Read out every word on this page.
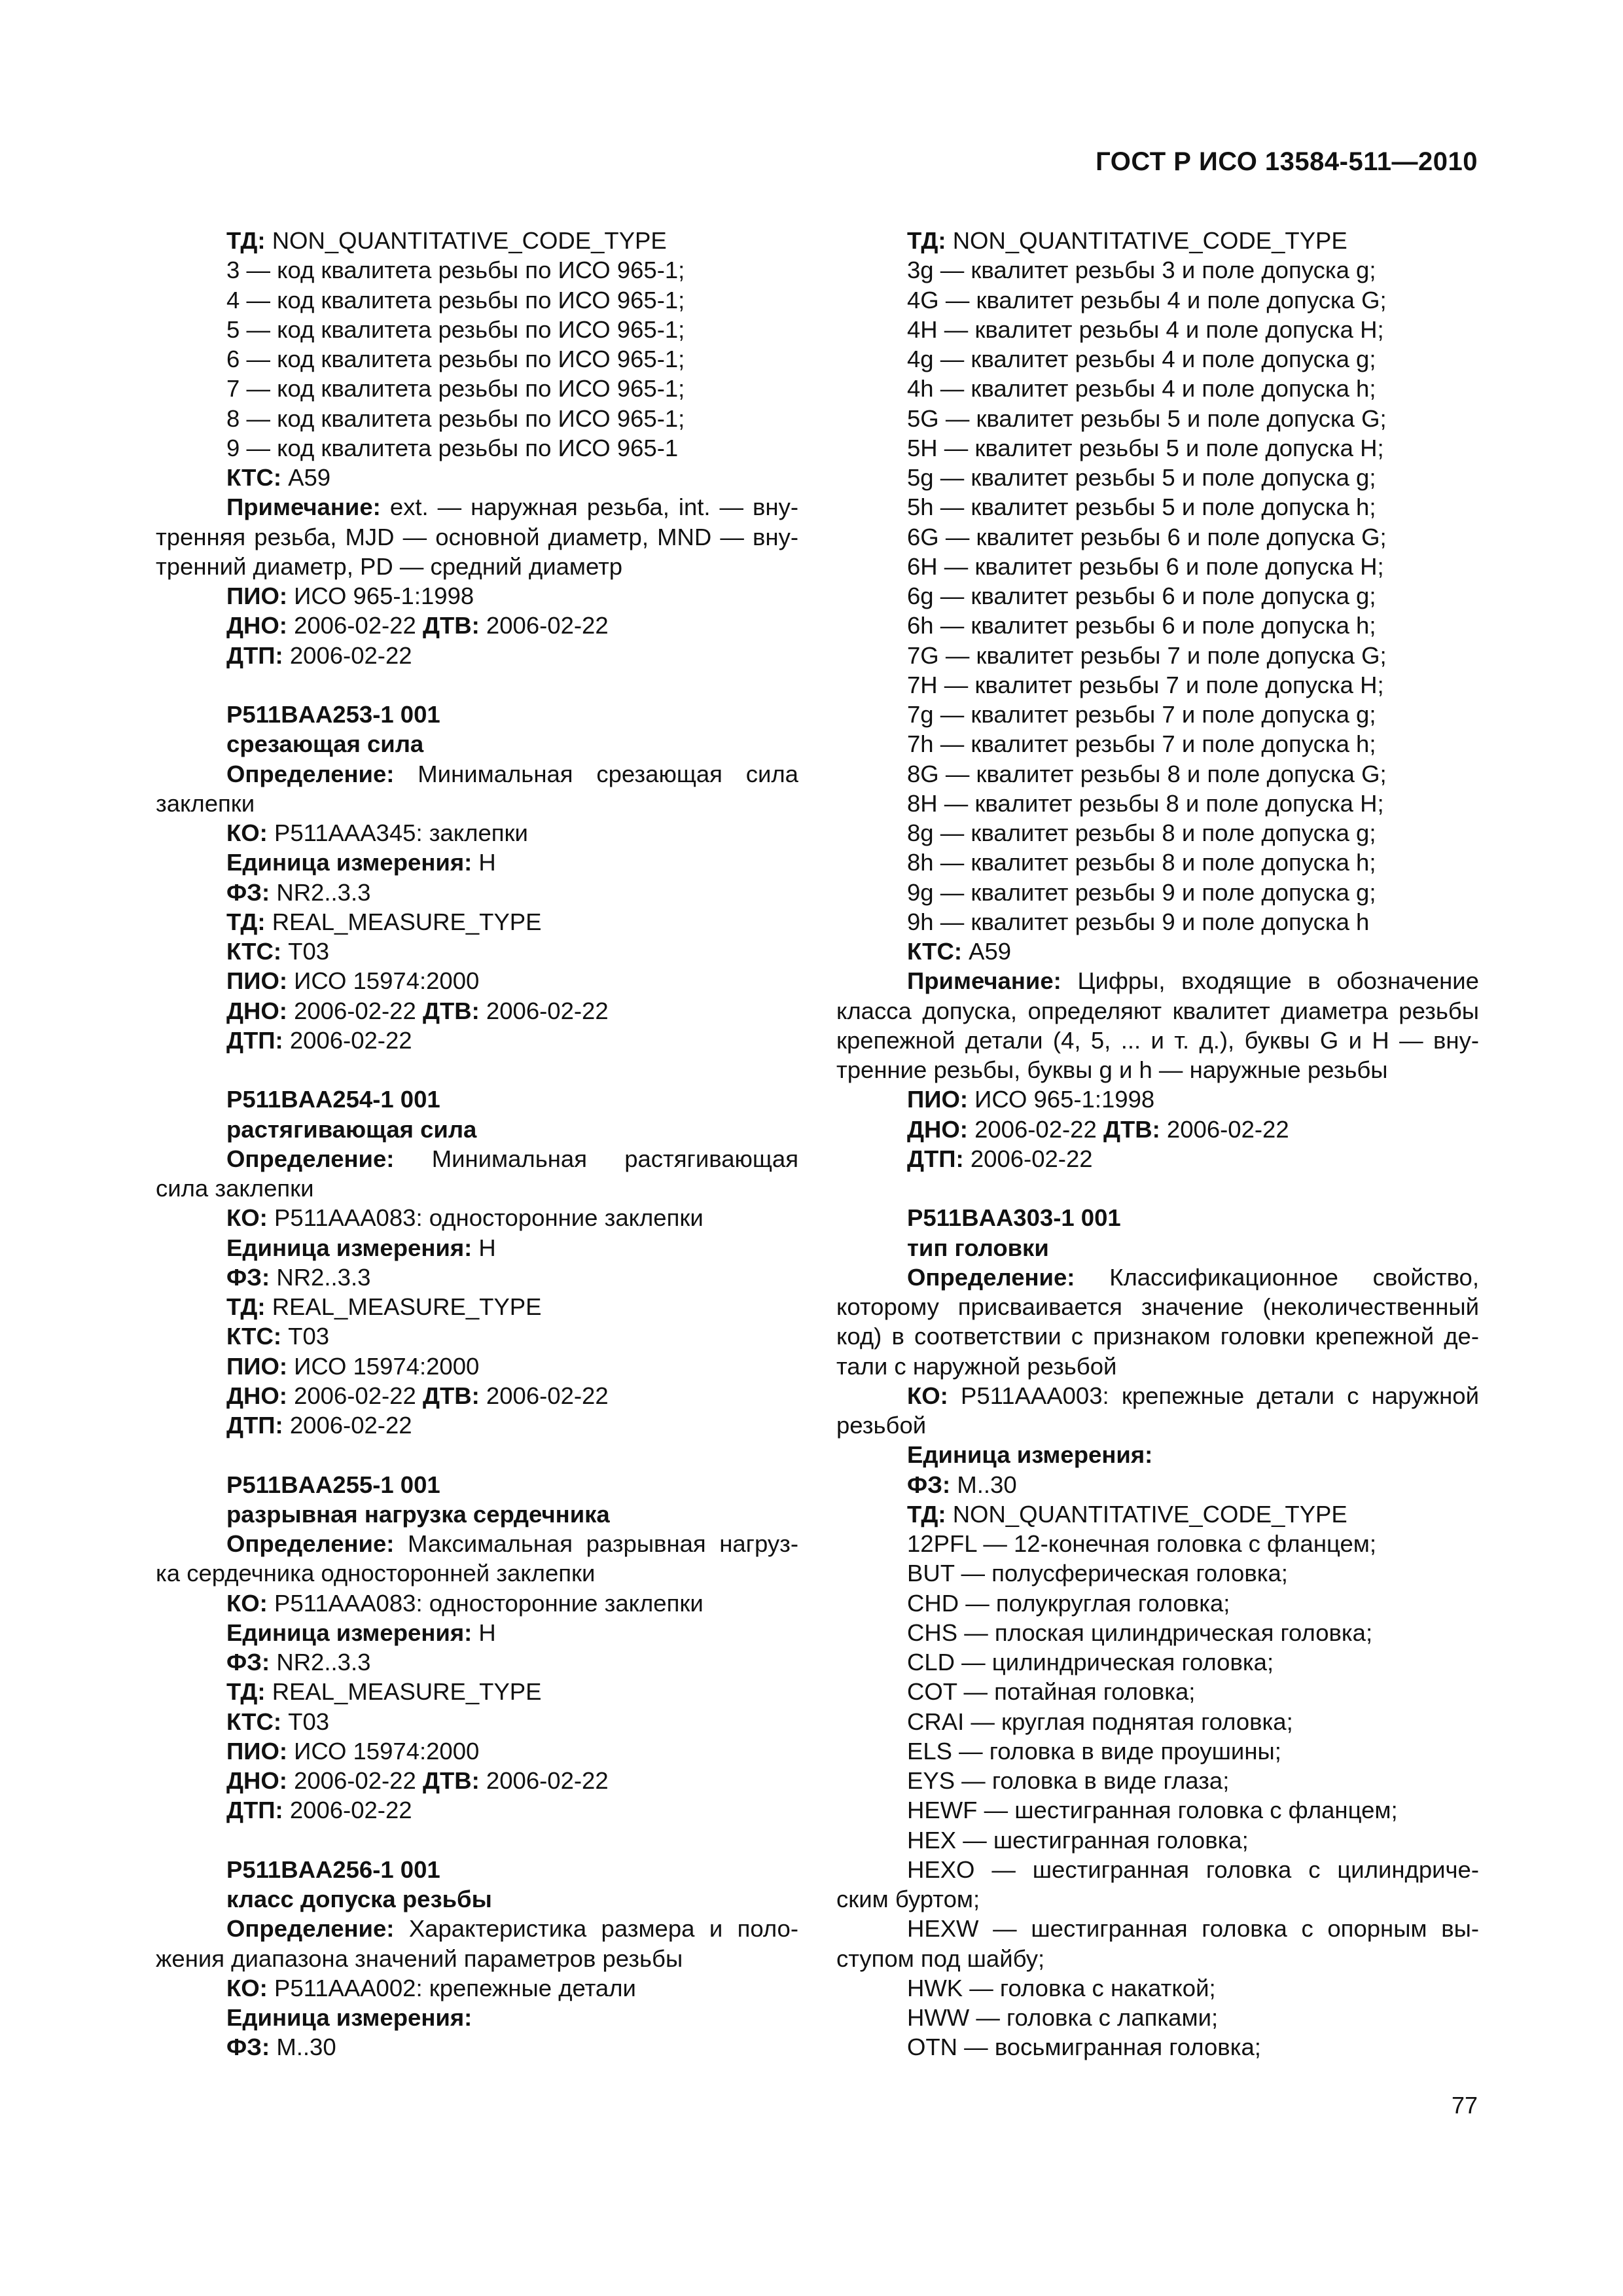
ГОСТ Р ИСО 13584-511—2010
ТД: NON_QUANTITATIVE_CODE_TYPE
3 — код квалитета резьбы по ИСО 965-1;
4 — код квалитета резьбы по ИСО 965-1;
5 — код квалитета резьбы по ИСО 965-1;
6 — код квалитета резьбы по ИСО 965-1;
7 — код квалитета резьбы по ИСО 965-1;
8 — код квалитета резьбы по ИСО 965-1;
9 — код квалитета резьбы по ИСО 965-1
КТС: A59
Примечание: ext. — наружная резьба, int. — вну-
тренняя резьба, MJD — основной диаметр, MND — вну-
тренний диаметр, PD — средний диаметр
ПИО: ИСО 965-1:1998
ДНО: 2006-02-22 ДТВ: 2006-02-22
ДТП: 2006-02-22
P511BAA253-1 001
срезающая сила
Определение: Минимальная срезающая сила
заклепки
КО: P511AAA345: заклепки
Единица измерения: Н
ФЗ: NR2..3.3
ТД: REAL_MEASURE_TYPE
КТС: T03
ПИО: ИСО 15974:2000
ДНО: 2006-02-22 ДТВ: 2006-02-22
ДТП: 2006-02-22
P511BAA254-1 001
растягивающая сила
Определение: Минимальная растягивающая
сила заклепки
КО: P511AAA083: односторонние заклепки
Единица измерения: Н
ФЗ: NR2..3.3
ТД: REAL_MEASURE_TYPE
КТС: T03
ПИО: ИСО 15974:2000
ДНО: 2006-02-22 ДТВ: 2006-02-22
ДТП: 2006-02-22
P511BAA255-1 001
разрывная нагрузка сердечника
Определение: Максимальная разрывная нагруз-
ка сердечника односторонней заклепки
КО: P511AAA083: односторонние заклепки
Единица измерения: Н
ФЗ: NR2..3.3
ТД: REAL_MEASURE_TYPE
КТС: T03
ПИО: ИСО 15974:2000
ДНО: 2006-02-22 ДТВ: 2006-02-22
ДТП: 2006-02-22
P511BAA256-1 001
класс допуска резьбы
Определение: Характеристика размера и поло-
жения диапазона значений параметров резьбы
КО: P511AAA002: крепежные детали
Единица измерения:
ФЗ: M..30
ТД: NON_QUANTITATIVE_CODE_TYPE
3g — квалитет резьбы 3 и поле допуска g;
4G — квалитет резьбы 4 и поле допуска G;
4H — квалитет резьбы 4 и поле допуска H;
4g — квалитет резьбы 4 и поле допуска g;
4h — квалитет резьбы 4 и поле допуска h;
5G — квалитет резьбы 5 и поле допуска G;
5H — квалитет резьбы 5 и поле допуска H;
5g — квалитет резьбы 5 и поле допуска g;
5h — квалитет резьбы 5 и поле допуска h;
6G — квалитет резьбы 6 и поле допуска G;
6H — квалитет резьбы 6 и поле допуска H;
6g — квалитет резьбы 6 и поле допуска g;
6h — квалитет резьбы 6 и поле допуска h;
7G — квалитет резьбы 7 и поле допуска G;
7H — квалитет резьбы 7 и поле допуска H;
7g — квалитет резьбы 7 и поле допуска g;
7h — квалитет резьбы 7 и поле допуска h;
8G — квалитет резьбы 8 и поле допуска G;
8H — квалитет резьбы 8 и поле допуска H;
8g — квалитет резьбы 8 и поле допуска g;
8h — квалитет резьбы 8 и поле допуска h;
9g — квалитет резьбы 9 и поле допуска g;
9h — квалитет резьбы 9 и поле допуска h
КТС: A59
Примечание: Цифры, входящие в обозначение
класса допуска, определяют квалитет диаметра резьбы
крепежной детали (4, 5, ... и т. д.), буквы G и H — вну-
тренние резьбы, буквы g и h — наружные резьбы
ПИО: ИСО 965-1:1998
ДНО: 2006-02-22 ДТВ: 2006-02-22
ДТП: 2006-02-22
P511BAA303-1 001
тип головки
Определение: Классификационное свойство,
которому присваивается значение (неколичественный
код) в соответствии с признаком головки крепежной де-
тали с наружной резьбой
КО: P511AAA003: крепежные детали с наружной
резьбой
Единица измерения:
ФЗ: M..30
ТД: NON_QUANTITATIVE_CODE_TYPE
12PFL — 12-конечная головка с фланцем;
BUT — полусферическая головка;
CHD — полукруглая головка;
CHS — плоская цилиндрическая головка;
CLD — цилиндрическая головка;
COT — потайная головка;
CRAI — круглая поднятая головка;
ELS — головка в виде проушины;
EYS — головка в виде глаза;
HEWF — шестигранная головка с фланцем;
HEX — шестигранная головка;
HEXO — шестигранная головка с цилиндриче-
ским буртом;
HEXW — шестигранная головка с опорным вы-
ступом под шайбу;
HWK — головка с накаткой;
HWW — головка с лапками;
OTN — восьмигранная головка;
77
